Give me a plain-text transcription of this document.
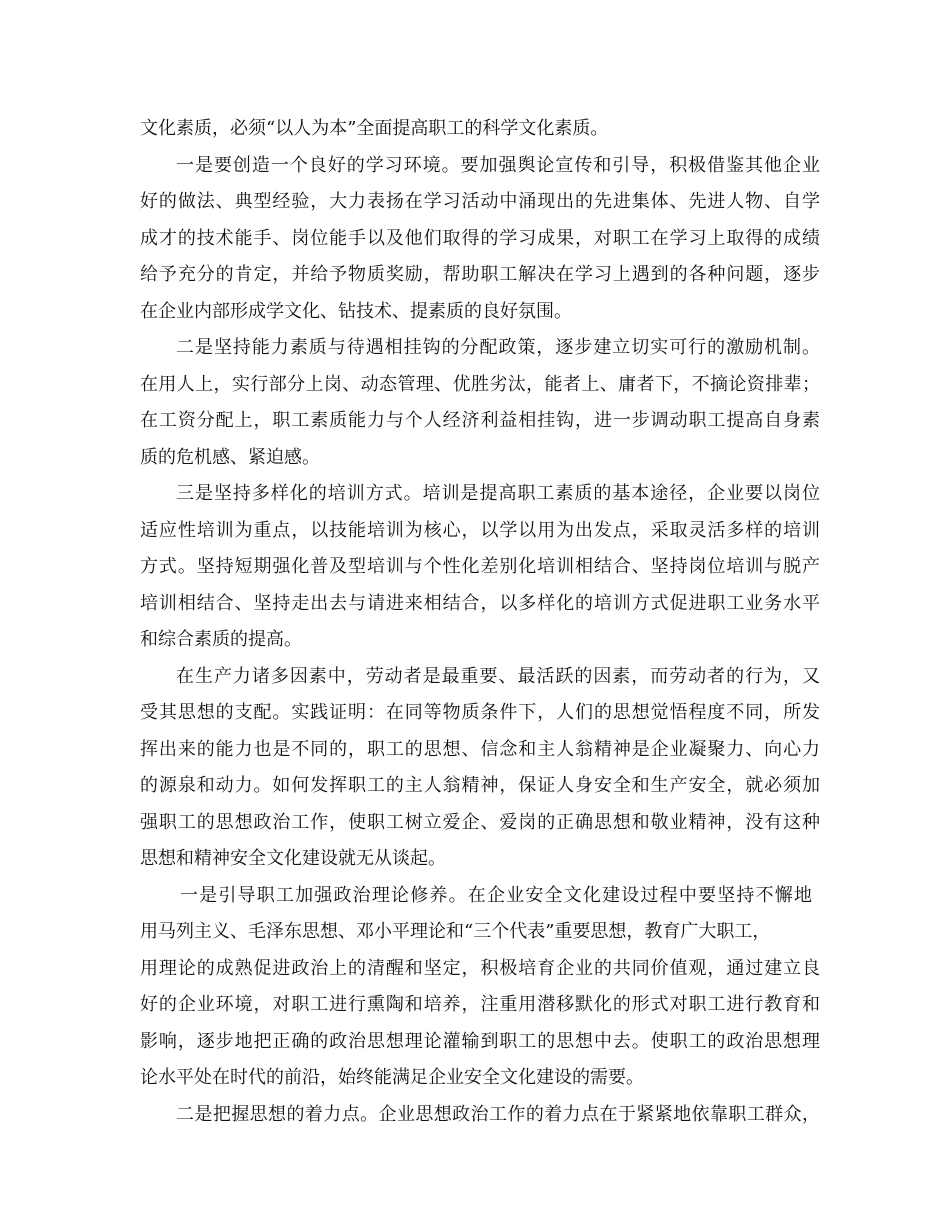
文化素质，必须“以人为本”全面提高职工的科学文化素质。
一是要创造一个良好的学习环境。要加强舆论宣传和引导，积极借鉴其他企业
好的做法、典型经验，大力表扬在学习活动中涌现出的先进集体、先进人物、自学
成才的技术能手、岗位能手以及他们取得的学习成果，对职工在学习上取得的成绩
给予充分的肯定，并给予物质奖励，帮助职工解决在学习上遇到的各种问题，逐步
在企业内部形成学文化、钻技术、提素质的良好氛围。
二是坚持能力素质与待遇相挂钩的分配政策，逐步建立切实可行的激励机制。
在用人上，实行部分上岗、动态管理、优胜劣汰，能者上、庸者下，不摘论资排辈；
在工资分配上，职工素质能力与个人经济利益相挂钩，进一步调动职工提高自身素
质的危机感、紧迫感。
三是坚持多样化的培训方式。培训是提高职工素质的基本途径，企业要以岗位
适应性培训为重点，以技能培训为核心，以学以用为出发点，采取灵活多样的培训
方式。坚持短期强化普及型培训与个性化差别化培训相结合、坚持岗位培训与脱产
培训相结合、坚持走出去与请进来相结合，以多样化的培训方式促进职工业务水平
和综合素质的提高。
在生产力诸多因素中，劳动者是最重要、最活跃的因素，而劳动者的行为，又
受其思想的支配。实践证明：在同等物质条件下，人们的思想觉悟程度不同，所发
挥出来的能力也是不同的，职工的思想、信念和主人翁精神是企业凝聚力、向心力
的源泉和动力。如何发挥职工的主人翁精神，保证人身安全和生产安全，就必须加
强职工的思想政治工作，使职工树立爱企、爱岗的正确思想和敬业精神，没有这种
思想和精神安全文化建设就无从谈起。
一是引导职工加强政治理论修养。在企业安全文化建设过程中要坚持不懈地
用马列主义、毛泽东思想、邓小平理论和“三个代表”重要思想，教育广大职工，
用理论的成熟促进政治上的清醒和坚定，积极培育企业的共同价值观，通过建立良
好的企业环境，对职工进行熏陶和培养，注重用潜移默化的形式对职工进行教育和
影响，逐步地把正确的政治思想理论灌输到职工的思想中去。使职工的政治思想理
论水平处在时代的前沿，始终能满足企业安全文化建设的需要。
二是把握思想的着力点。企业思想政治工作的着力点在于紧紧地依靠职工群众，
